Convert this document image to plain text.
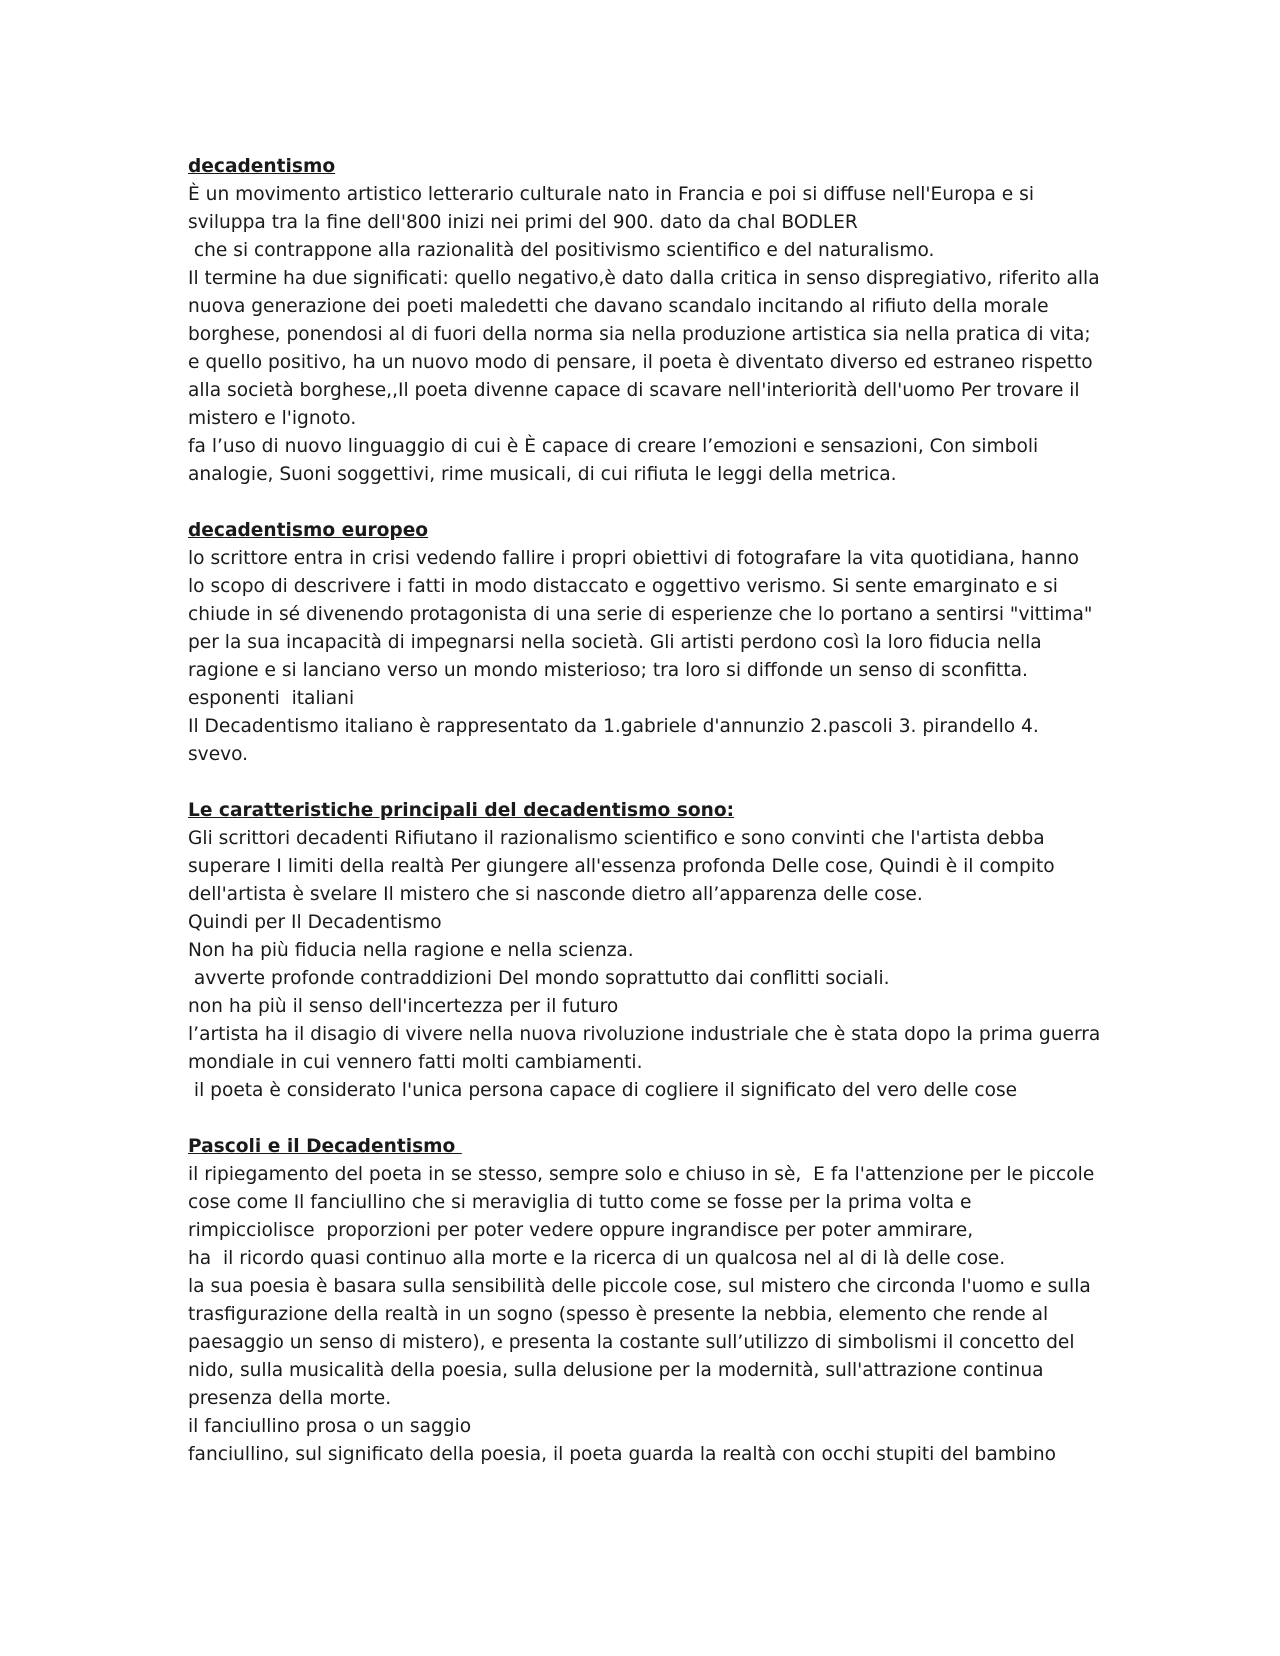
decadentismo
È un movimento artistico letterario culturale nato in Francia e poi si diffuse nell'Europa e si
sviluppa tra la fine dell'800 inizi nei primi del 900. dato da chal BODLER
che si contrappone alla razionalità del positivismo scientifico e del naturalismo.
Il termine ha due significati: quello negativo,è dato dalla critica in senso dispregiativo, riferito alla
nuova generazione dei poeti maledetti che davano scandalo incitando al rifiuto della morale
borghese, ponendosi al di fuori della norma sia nella produzione artistica sia nella pratica di vita;
e quello positivo, ha un nuovo modo di pensare, il poeta è diventato diverso ed estraneo rispetto
alla società borghese,,Il poeta divenne capace di scavare nell'interiorità dell'uomo Per trovare il
mistero e l'ignoto.
fa l’uso di nuovo linguaggio di cui è È capace di creare l’emozioni e sensazioni, Con simboli
analogie, Suoni soggettivi, rime musicali, di cui rifiuta le leggi della metrica.
decadentismo europeo
lo scrittore entra in crisi vedendo fallire i propri obiettivi di fotografare la vita quotidiana, hanno
lo scopo di descrivere i fatti in modo distaccato e oggettivo verismo. Si sente emarginato e si
chiude in sé divenendo protagonista di una serie di esperienze che lo portano a sentirsi "vittima"
per la sua incapacità di impegnarsi nella società. Gli artisti perdono così la loro fiducia nella
ragione e si lanciano verso un mondo misterioso; tra loro si diffonde un senso di sconfitta.
esponenti  italiani
Il Decadentismo italiano è rappresentato da 1.gabriele d'annunzio 2.pascoli 3. pirandello 4.
svevo.
Le caratteristiche principali del decadentismo sono:
Gli scrittori decadenti Rifiutano il razionalismo scientifico e sono convinti che l'artista debba
superare I limiti della realtà Per giungere all'essenza profonda Delle cose, Quindi è il compito
dell'artista è svelare Il mistero che si nasconde dietro all’apparenza delle cose.
Quindi per Il Decadentismo
Non ha più fiducia nella ragione e nella scienza.
avverte profonde contraddizioni Del mondo soprattutto dai conflitti sociali.
non ha più il senso dell'incertezza per il futuro
l’artista ha il disagio di vivere nella nuova rivoluzione industriale che è stata dopo la prima guerra
mondiale in cui vennero fatti molti cambiamenti.
il poeta è considerato l'unica persona capace di cogliere il significato del vero delle cose
Pascoli e il Decadentismo
il ripiegamento del poeta in se stesso, sempre solo e chiuso in sè,  E fa l'attenzione per le piccole
cose come Il fanciullino che si meraviglia di tutto come se fosse per la prima volta e
rimpicciolisce  proporzioni per poter vedere oppure ingrandisce per poter ammirare,
ha  il ricordo quasi continuo alla morte e la ricerca di un qualcosa nel al di là delle cose.
la sua poesia è basara sulla sensibilità delle piccole cose, sul mistero che circonda l'uomo e sulla
trasfigurazione della realtà in un sogno (spesso è presente la nebbia, elemento che rende al
paesaggio un senso di mistero), e presenta la costante sull’utilizzo di simbolismi il concetto del
nido, sulla musicalità della poesia, sulla delusione per la modernità, sull'attrazione continua
presenza della morte.
il fanciullino prosa o un saggio
fanciullino, sul significato della poesia, il poeta guarda la realtà con occhi stupiti del bambino
